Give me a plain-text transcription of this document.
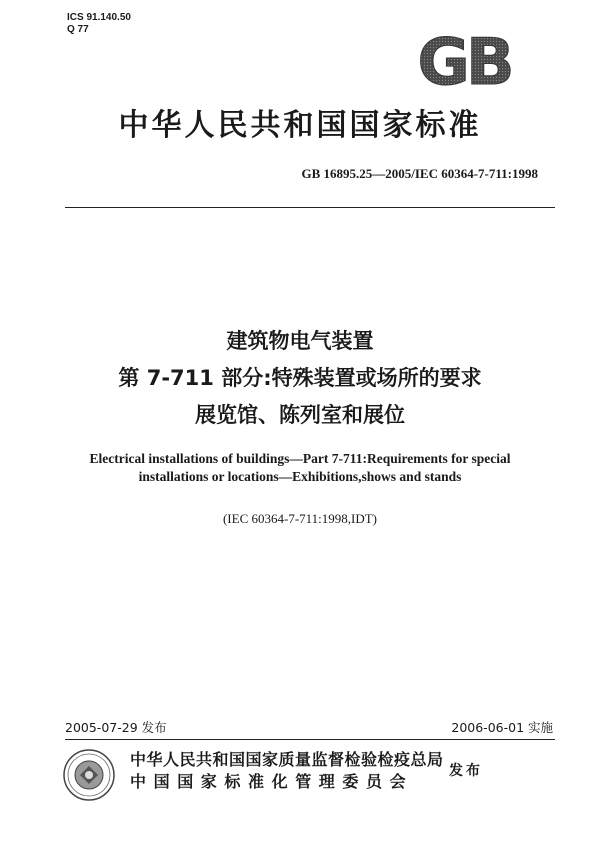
ICS 91.140.50
Q 77	GB
中华人民共和国国家标准
GB 16895.25—2005/IEC 60364-7-711:1998
建筑物电气装置
第 7-711 部分:特殊装置或场所的要求
展览馆、陈列室和展位
Electrical installations of buildings—Part 7-711:Requirements for special
installations or locations—Exhibitions,shows and stands
(IEC 60364-7-711:1998,IDT)
2005-07-29 发布	2006-06-01 实施
中华人民共和国国家质量监督检验检疫总局
中国国家标准化管理委员会
发布
